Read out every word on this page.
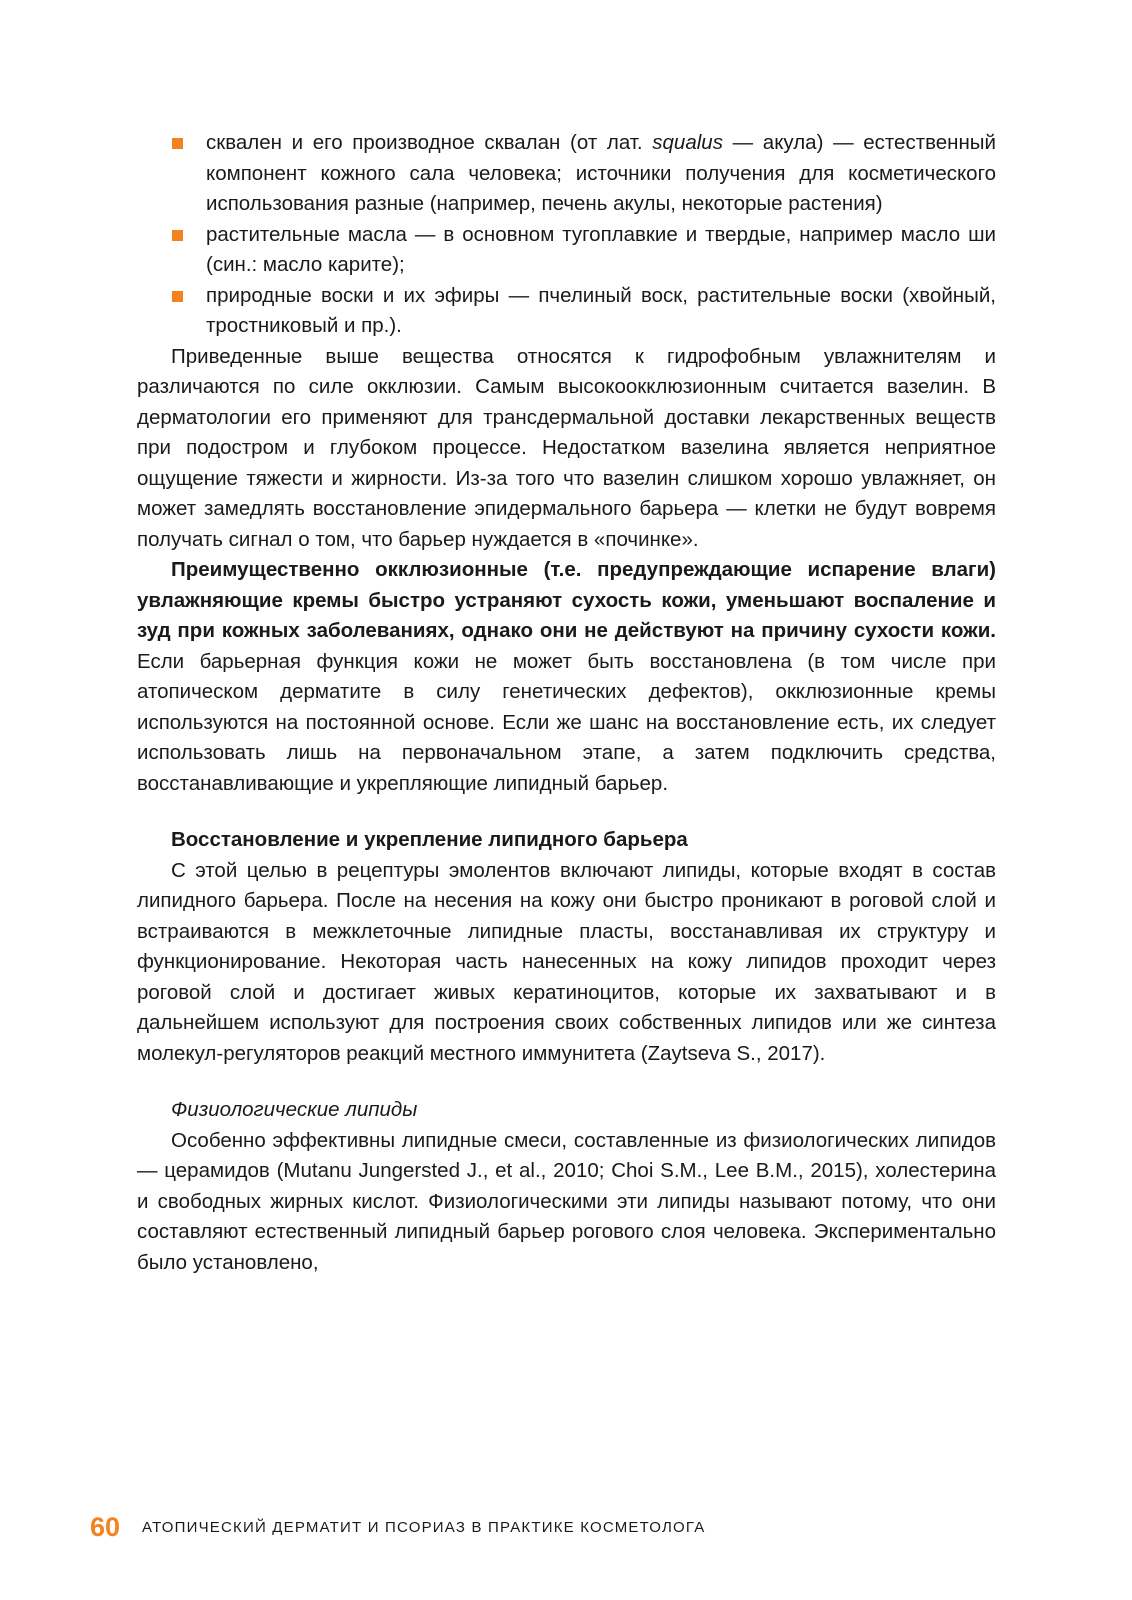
сквален и его производное сквалан (от лат. squalus — акула) — естественный компонент кожного сала человека; источники получения для косметического использования разные (например, печень акулы, некоторые растения)
растительные масла — в основном тугоплавкие и твердые, например масло ши (син.: масло карите);
природные воски и их эфиры — пчелиный воск, растительные воски (хвойный, тростниковый и пр.).

Приведенные выше вещества относятся к гидрофобным увлажнителям и различаются по силе окклюзии. Самым высокоокклюзионным считается вазелин. В дерматологии его применяют для трансдермальной доставки лекарственных веществ при подостром и глубоком процессе. Недостатком вазелина является неприятное ощущение тяжести и жирности. Из-за того что вазелин слишком хорошо увлажняет, он может замедлять восстановление эпидермального барьера — клетки не будут вовремя получать сигнал о том, что барьер нуждается в «починке».

Преимущественно окклюзионные (т.е. предупреждающие испарение влаги) увлажняющие кремы быстро устраняют сухость кожи, уменьшают воспаление и зуд при кожных заболеваниях, однако они не действуют на причину сухости кожи. Если барьерная функция кожи не может быть восстановлена (в том числе при атопическом дерматите в силу генетических дефектов), окклюзионные кремы используются на постоянной основе. Если же шанс на восстановление есть, их следует использовать лишь на первоначальном этапе, а затем подключить средства, восстанавливающие и укрепляющие липидный барьер.

Восстановление и укрепление липидного барьера

С этой целью в рецептуры эмолентов включают липиды, которые входят в состав липидного барьера. После на несения на кожу они быстро проникают в роговой слой и встраиваются в межклеточные липидные пласты, восстанавливая их структуру и функционирование. Некоторая часть нанесенных на кожу липидов проходит через роговой слой и достигает живых кератиноцитов, которые их захватывают и в дальнейшем используют для построения своих собственных липидов или же синтеза молекул-регуляторов реакций местного иммунитета (Zaytseva S., 2017).

Физиологические липиды

Особенно эффективны липидные смеси, составленные из физиологических липидов — церамидов (Mutanu Jungersted J., et al., 2010; Choi S.M., Lee B.M., 2015), холестерина и свободных жирных кислот. Физиологическими эти липиды называют потому, что они составляют естественный липидный барьер рогового слоя человека. Экспериментально было установлено,

60 АТОПИЧЕСКИЙ ДЕРМАТИТ И ПСОРИАЗ В ПРАКТИКЕ КОСМЕТОЛОГА
